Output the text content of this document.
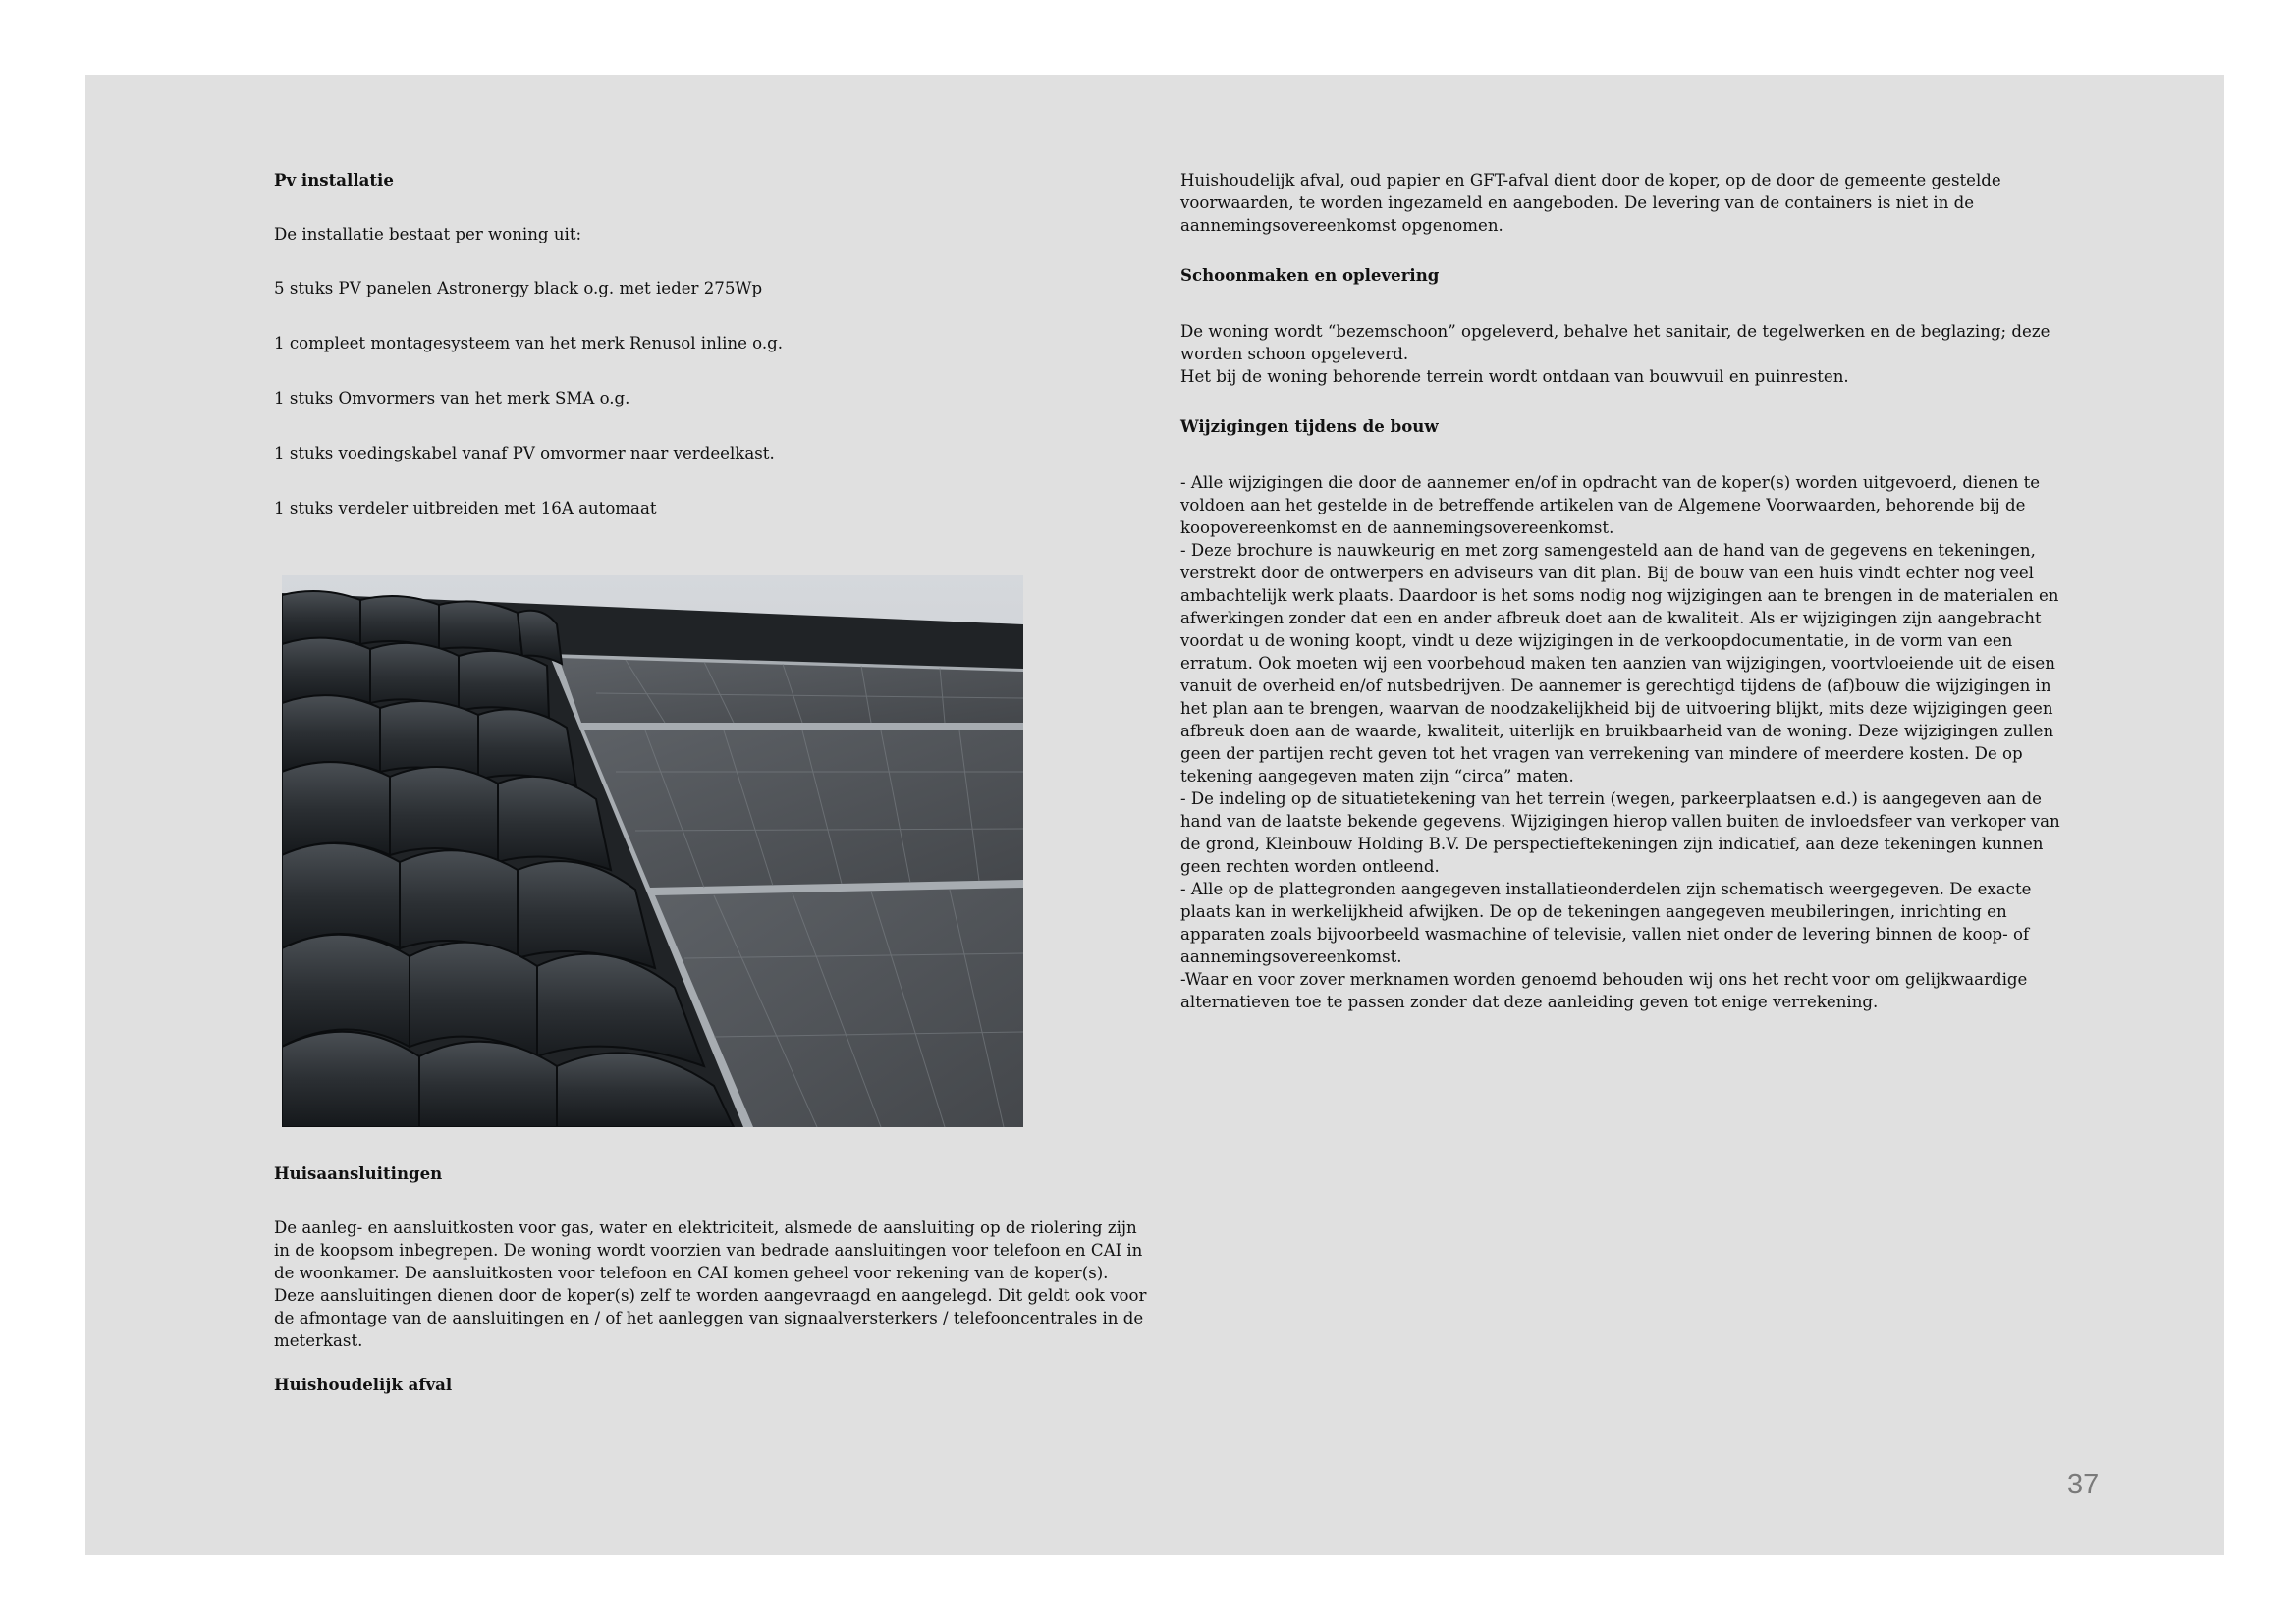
Pv installatie

De installatie bestaat per woning uit:

5 stuks PV panelen Astronergy black o.g. met ieder 275Wp

1 compleet montagesysteem van het merk Renusol inline o.g.

1 stuks Omvormers van het merk SMA o.g.

1 stuks voedingskabel vanaf PV omvormer naar verdeelkast.

1 stuks verdeler uitbreiden met 16A automaat

Huisaansluitingen

De aanleg- en aansluitkosten voor gas, water en elektriciteit, alsmede de aansluiting op de riolering zijn in de koopsom inbegrepen. De woning wordt voorzien van bedrade aansluitingen voor telefoon en CAI in de woonkamer. De aansluitkosten voor telefoon en CAI komen geheel voor rekening van de koper(s). Deze aansluitingen dienen door de koper(s) zelf te worden aangevraagd en aangelegd. Dit geldt ook voor de afmontage van de aansluitingen en / of het aanleggen van signaalversterkers / telefooncentrales in de meterkast.

Huishoudelijk afval

Huishoudelijk afval, oud papier en GFT-afval dient door de koper, op de door de gemeente gestelde voorwaarden, te worden ingezameld en aangeboden. De levering van de containers is niet in de aannemingsovereenkomst opgenomen.

Schoonmaken en oplevering

De woning wordt “bezemschoon” opgeleverd, behalve het sanitair, de tegelwerken en de beglazing; deze worden schoon opgeleverd.

Het bij de woning behorende terrein wordt ontdaan van bouwvuil en puinresten.

Wijzigingen tijdens de bouw

- Alle wijzigingen die door de aannemer en/of in opdracht van de koper(s) worden uitgevoerd, dienen te voldoen aan het gestelde in de betreffende artikelen van de Algemene Voorwaarden, behorende bij de koopovereenkomst en de aannemingsovereenkomst.

- Deze brochure is nauwkeurig en met zorg samengesteld aan de hand van de gegevens en tekeningen, verstrekt door de ontwerpers en adviseurs van dit plan. Bij de bouw van een huis vindt echter nog veel ambachtelijk werk plaats. Daardoor is het soms nodig nog wijzigingen aan te brengen in de materialen en afwerkingen zonder dat een en ander afbreuk doet aan de kwaliteit. Als er wijzigingen zijn aangebracht voordat u de woning koopt, vindt u deze wijzigingen in de verkoopdocumentatie, in de vorm van een erratum. Ook moeten wij een voorbehoud maken ten aanzien van wijzigingen, voortvloeiende uit de eisen vanuit de overheid en/of nutsbedrijven. De aannemer is gerechtigd tijdens de (af)bouw die wijzigingen in het plan aan te brengen, waarvan de noodzakelijkheid bij de uitvoering blijkt, mits deze wijzigingen geen afbreuk doen aan de waarde, kwaliteit, uiterlijk en bruikbaarheid van de woning. Deze wijzigingen zullen geen der partijen recht geven tot het vragen van verrekening van mindere of meerdere kosten. De op tekening aangegeven maten zijn “circa” maten.

- De indeling op de situatietekening van het terrein (wegen, parkeerplaatsen e.d.) is aangegeven aan de hand van de laatste bekende gegevens. Wijzigingen hierop vallen buiten de invloedsfeer van verkoper van de grond, Kleinbouw Holding B.V. De perspectieftekeningen zijn indicatief, aan deze tekeningen kunnen geen rechten worden ontleend.

- Alle op de plattegronden aangegeven installatieonderdelen zijn schematisch weergegeven. De exacte plaats kan in werkelijkheid afwijken. De op de tekeningen aangegeven meubileringen, inrichting en apparaten zoals bijvoorbeeld wasmachine of televisie, vallen niet onder de levering binnen de koop- of aannemingsovereenkomst.

-Waar en voor zover merknamen worden genoemd behouden wij ons het recht voor om gelijkwaardige alternatieven toe te passen zonder dat deze aanleiding geven tot enige verrekening.

37
